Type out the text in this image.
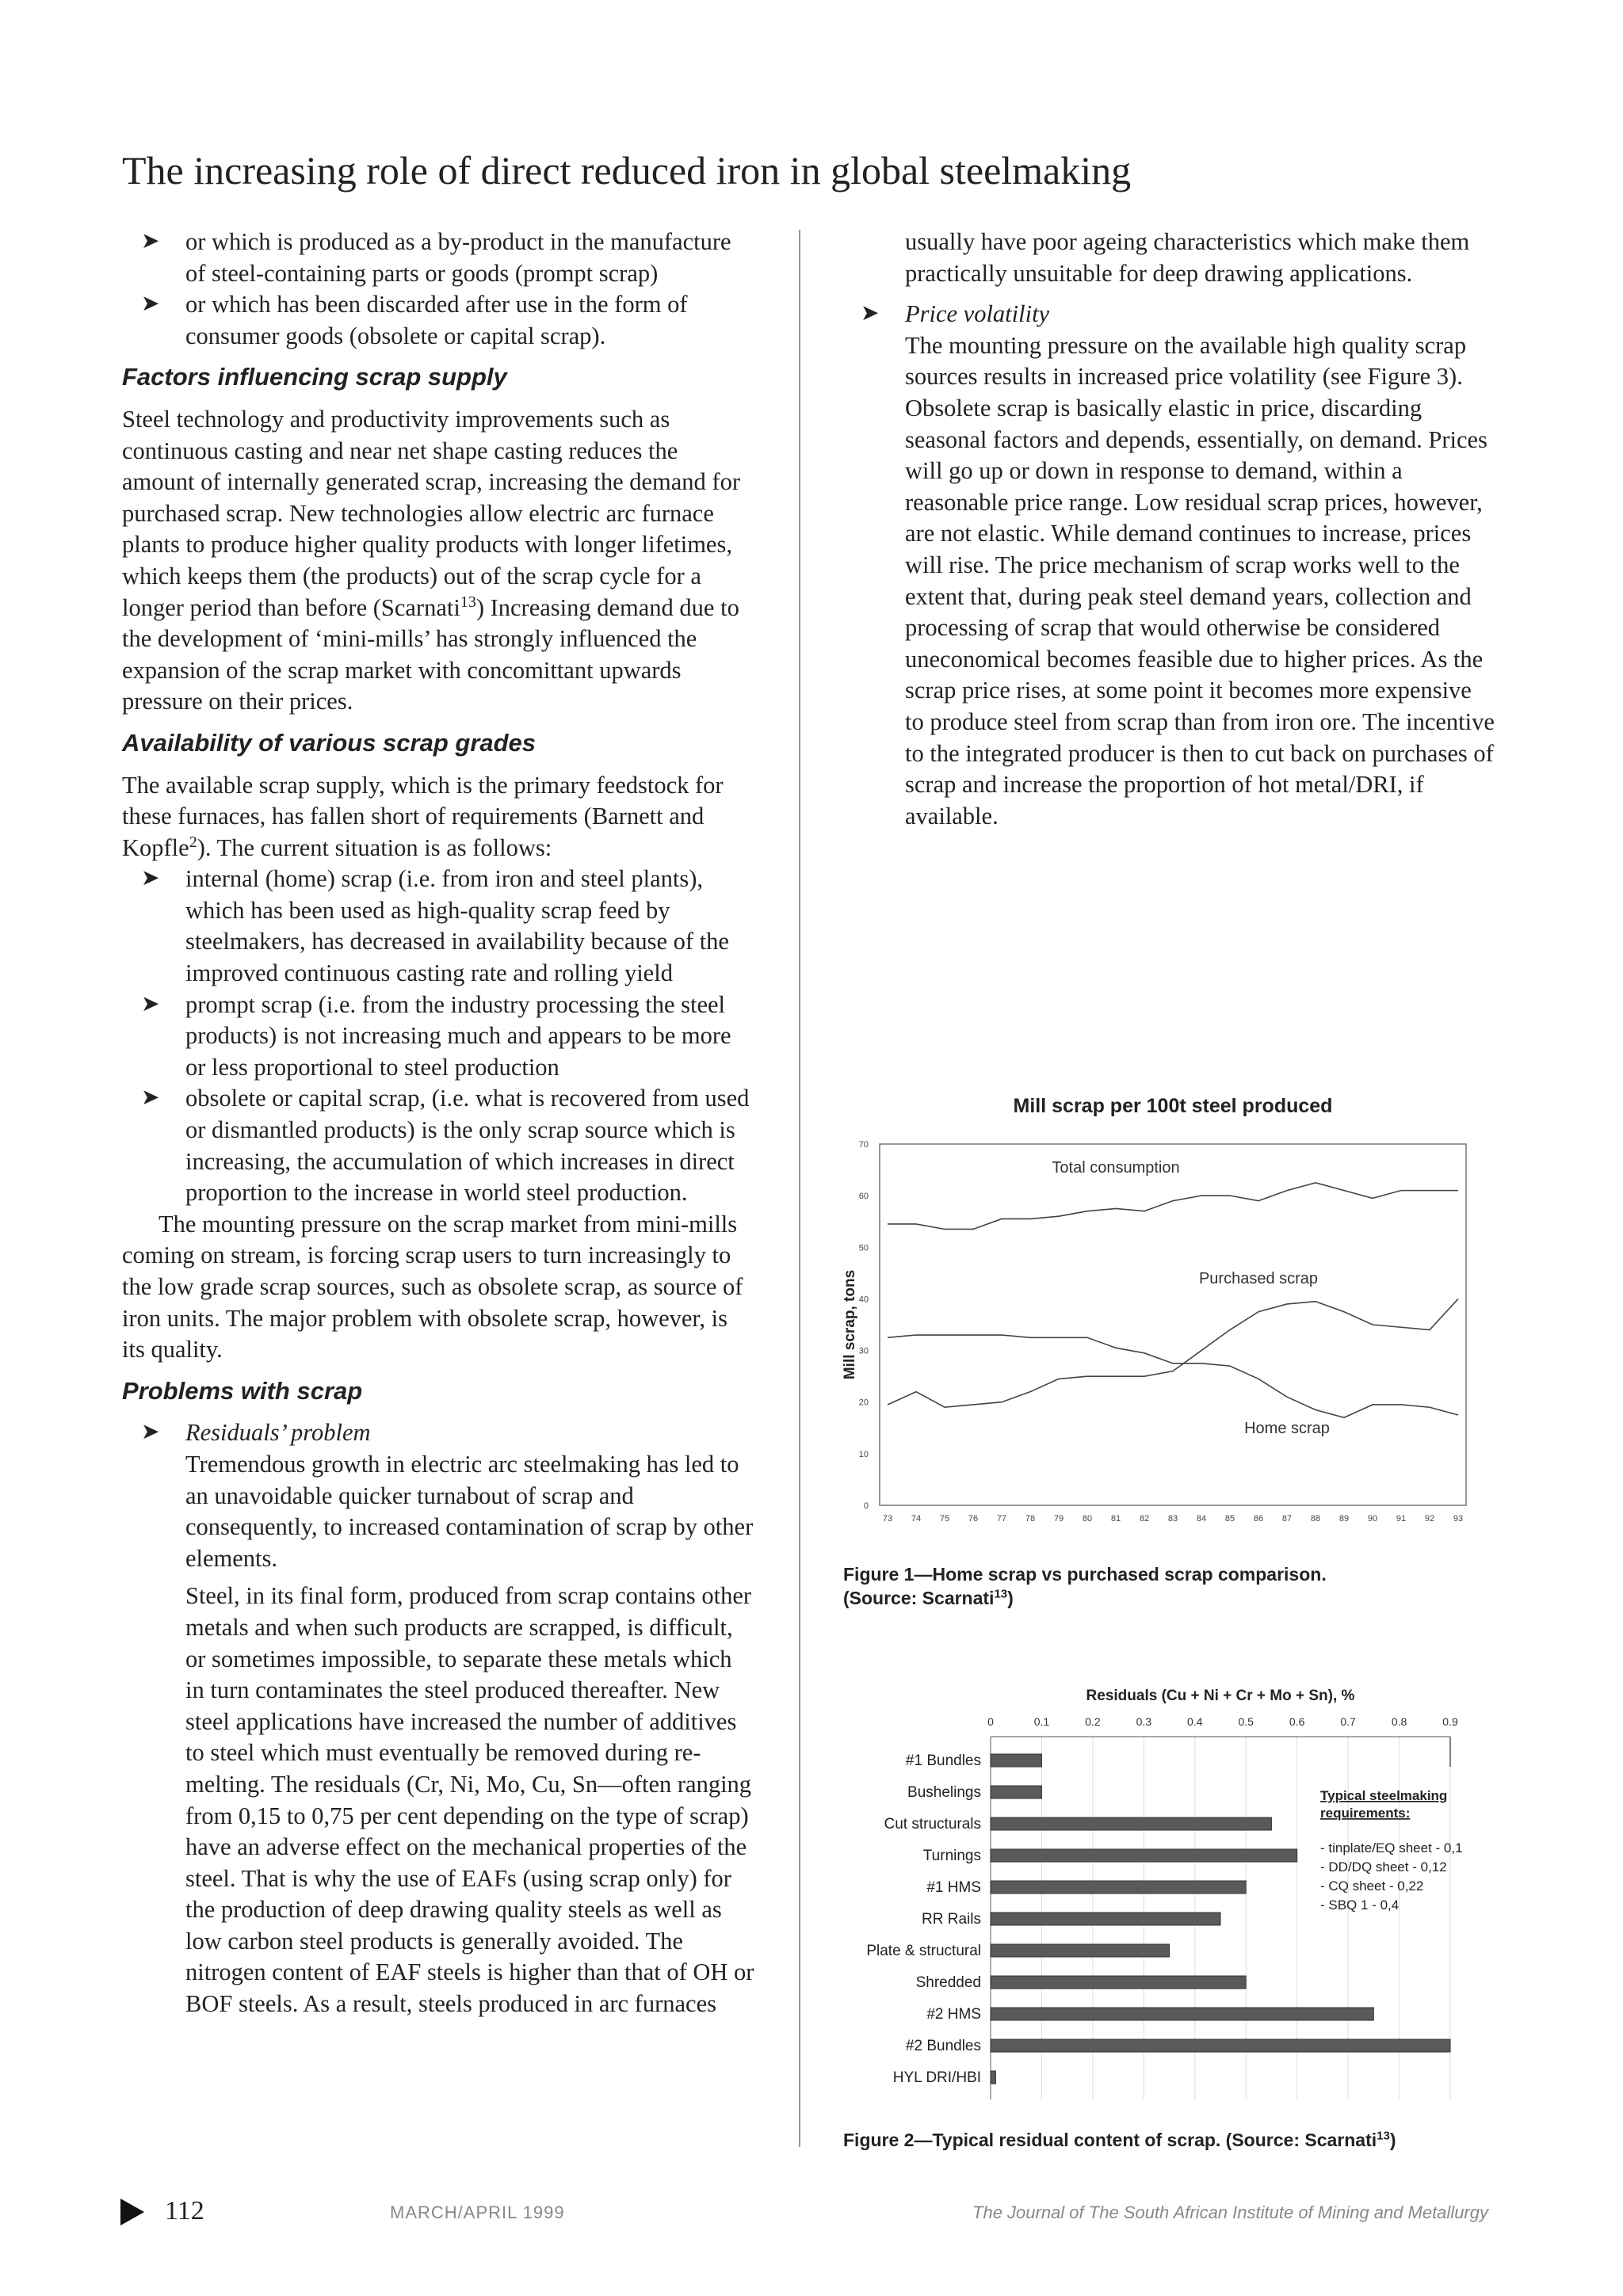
The increasing role of direct reduced iron in global steelmaking
➤ or which is produced as a by-product in the manufacture of steel-containing parts or goods (prompt scrap)
➤ or which has been discarded after use in the form of consumer goods (obsolete or capital scrap).
Factors influencing scrap supply

Steel technology and productivity improvements such as continuous casting and near net shape casting reduces the amount of internally generated scrap, increasing the demand for purchased scrap. New technologies allow electric arc furnace plants to produce higher quality products with longer lifetimes, which keeps them (the products) out of the scrap cycle for a longer period than before (Scarnati$^{13}$) Increasing demand due to the development of ‘mini-mills’ has strongly influenced the expansion of the scrap market with concomittant upwards pressure on their prices.

Availability of various scrap grades

The available scrap supply, which is the primary feedstock for these furnaces, has fallen short of requirements (Barnett and Kopfle$^2$). The current situation is as follows:

➤ internal (home) scrap (i.e. from iron and steel plants), which has been used as high-quality scrap feed by steelmakers, has decreased in availability because of the improved continuous casting rate and rolling yield
➤ prompt scrap (i.e. from the industry processing the steel products) is not increasing much and appears to be more or less proportional to steel production
➤ obsolete or capital scrap, (i.e. what is recovered from used or dismantled products) is the only scrap source which is increasing, the accumulation of which increases in direct proportion to the increase in world steel production.

The mounting pressure on the scrap market from mini-mills coming on stream, is forcing scrap users to turn increasingly to the low grade scrap sources, such as obsolete scrap, as source of iron units. The major problem with obsolete scrap, however, is its quality.

Problems with scrap
➤ Residuals’ problem

Tremendous growth in electric arc steelmaking has led to an unavoidable quicker turnabout of scrap and consequently, to increased contamination of scrap by other elements.

Steel, in its final form, produced from scrap contains other metals and when such products are scrapped, is difficult, or sometimes impossible, to separate these metals which in turn contaminates the steel produced thereafter. New steel applications have increased the number of additives to steel which must eventually be removed during re-melting. The residuals (Cr, Ni, Mo, Cu, Sn—often ranging from 0,15 to 0,75 per cent depending on the type of scrap) have an adverse effect on the mechanical properties of the steel. That is why the use of EAFs (using scrap only) for the production of deep drawing quality steels as well as low carbon steel products is generally avoided. The nitrogen content of EAF steels is higher than that of OH or BOF steels. As a result, steels produced in arc furnaces

usually have poor ageing characteristics which make them practically unsuitable for deep drawing applications.

➤ Price volatility

The mounting pressure on the available high quality scrap sources results in increased price volatility (see Figure 3). Obsolete scrap is basically elastic in price, discarding seasonal factors and depends, essentially, on demand. Prices will go up or down in response to demand, within a reasonable price range. Low residual scrap prices, however, are not elastic. While demand continues to increase, prices will rise. The price mechanism of scrap works well to the extent that, during peak steel demand years, collection and processing of scrap that would otherwise be considered uneconomical becomes feasible due to higher prices. As the scrap price rises, at some point it becomes more expensive to produce steel from scrap than from iron ore. The incentive to the integrated producer is then to cut back on purchases of scrap and increase the proportion of hot metal/DRI, if available.

Mill scrap per 100t steel produced
0
10
20
30
40
50
60
70
73 74 75 76 77 78 79 80 81 82 83 84 85 86 87 88 89 90 91 92 93
Mill scrap, tons
Total consumption
Purchased scrap
Home scrap
Figure 1—Home scrap vs purchased scrap comparison.
(Source: Scarnati$^{13}$)
Residuals (Cu + Ni + Cr + Mo + Sn), %
0	0.1	0.2	0.3	0.4	0.5	0.6	0.7	0.8	0.9
#1 Bundles
Bushelings
Cut structurals
Turnings
#1 HMS
RR Rails
Plate & structural
Shredded
#2 HMS
#2 Bundles
HYL DRI/HBI
Typical steelmaking
requirements:
- tinplate/EQ sheet - 0,1
- DD/DQ sheet - 0,12
- CQ sheet - 0,22
- SBQ 1 - 0,4
Figure 2—Typical residual content of scrap. (Source: Scarnati$^{13}$)
112	MARCH/APRIL 1999	The Journal of The South African Institute of Mining and Metallurgy
